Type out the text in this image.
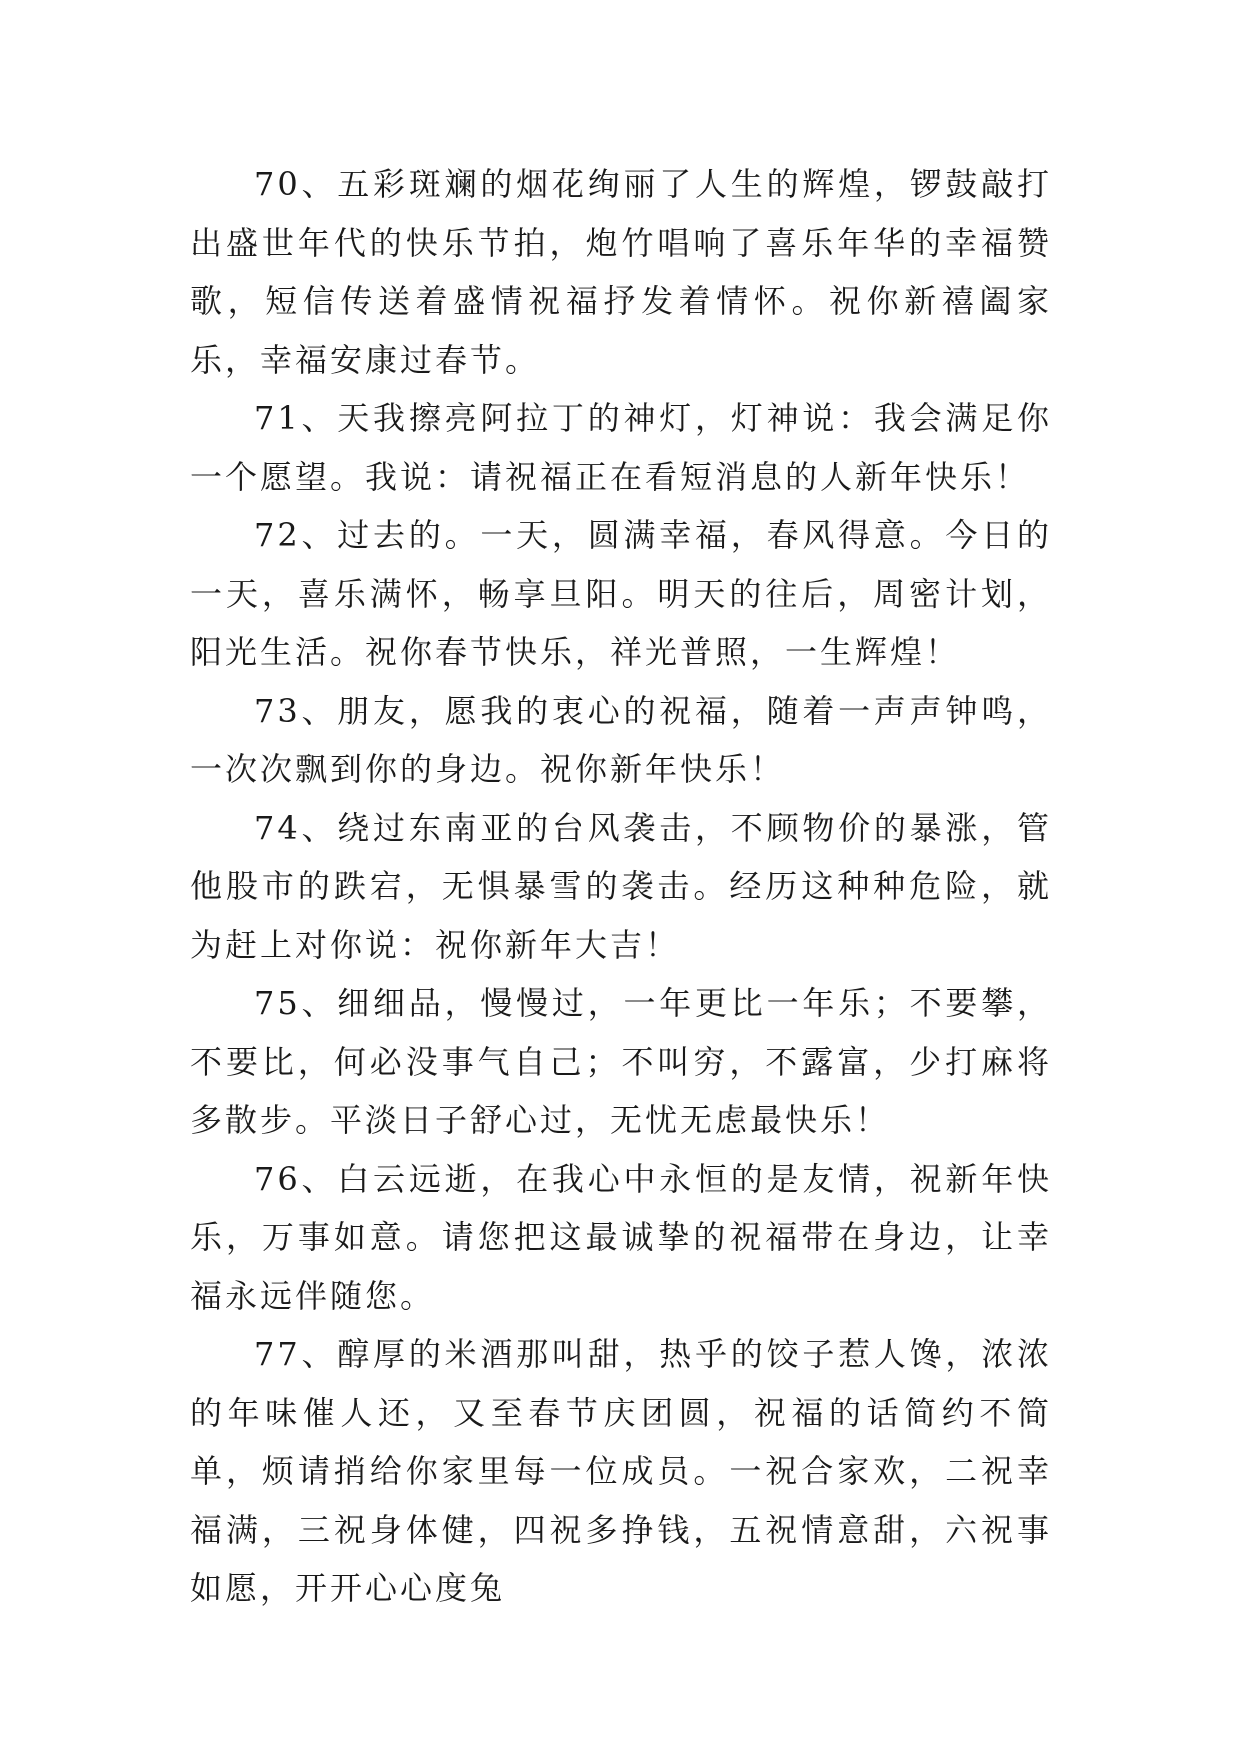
70、五彩斑斓的烟花绚丽了人生的辉煌，锣鼓敲打出盛世年代的快乐节拍，炮竹唱响了喜乐年华的幸福赞歌，短信传送着盛情祝福抒发着情怀。祝你新禧阖家乐，幸福安康过春节。

71、天我擦亮阿拉丁的神灯，灯神说：我会满足你一个愿望。我说：请祝福正在看短消息的人新年快乐！

72、过去的。一天，圆满幸福，春风得意。今日的一天，喜乐满怀，畅享旦阳。明天的往后，周密计划，阳光生活。祝你春节快乐，祥光普照，一生辉煌！

73、朋友，愿我的衷心的祝福，随着一声声钟鸣，一次次飘到你的身边。祝你新年快乐！

74、绕过东南亚的台风袭击，不顾物价的暴涨，管他股市的跌宕，无惧暴雪的袭击。经历这种种危险，就为赶上对你说：祝你新年大吉！

75、细细品，慢慢过，一年更比一年乐；不要攀，不要比，何必没事气自己；不叫穷，不露富，少打麻将多散步。平淡日子舒心过，无忧无虑最快乐！

76、白云远逝，在我心中永恒的是友情，祝新年快乐，万事如意。请您把这最诚挚的祝福带在身边，让幸福永远伴随您。

77、醇厚的米酒那叫甜，热乎的饺子惹人馋，浓浓的年味催人还，又至春节庆团圆，祝福的话简约不简单，烦请捎给你家里每一位成员。一祝合家欢，二祝幸福满，三祝身体健，四祝多挣钱，五祝情意甜，六祝事如愿，开开心心度兔
